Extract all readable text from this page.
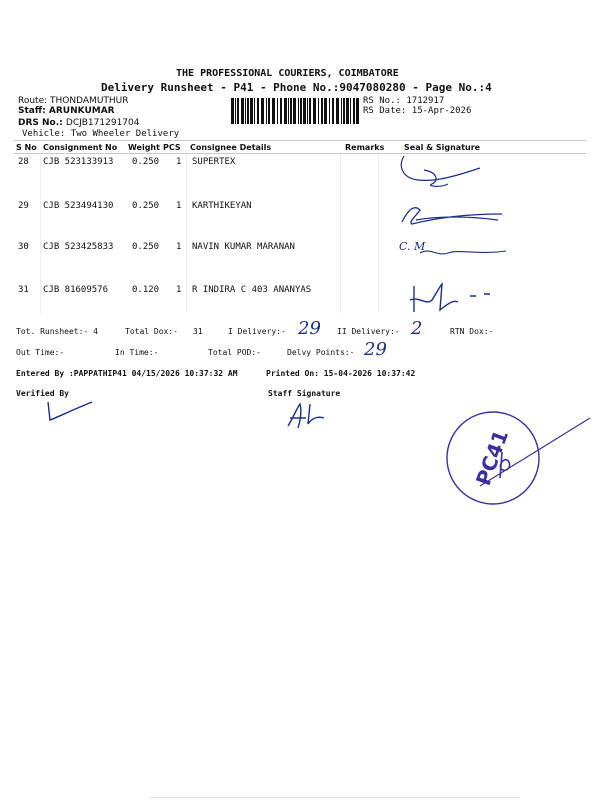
THE PROFESSIONAL COURIERS, COIMBATORE
Delivery Runsheet - P41 - Phone No.:9047080280 - Page No.:4
Route: THONDAMUTHUR
Staff: ARUNKUMAR
DRS No.: DCJB171291704
Vehicle: Two Wheeler Delivery
RS No.: 1712917
RS Date: 15-Apr-2026
S No Consignment No Weight PCS Consignee Details	Remarks Seal & Signature
28 CJB 523133913 0.250 1 SUPERTEX
29 CJB 523494130 0.250 1 KARTHIKEYAN
30 CJB 523425833 0.250 1 NAVIN KUMAR MARANAN
31 CJB 81609576	0.120 1 R INDIRA C 403 ANANYAS
C. M
Tot. Runsheet:- 4	Total Dox:- 31	I Delivery:- 29 II Delivery:- 2	RTN Dox:-
Out Time:-	In Time:-	Total POD:-	Delvy Points:- 29
Entered By :PAPPATHIP41 04/15/2026 10:37:32 AM	Printed On: 15-04-2026 10:37:42
Verified By	Staff Signature
PC41
